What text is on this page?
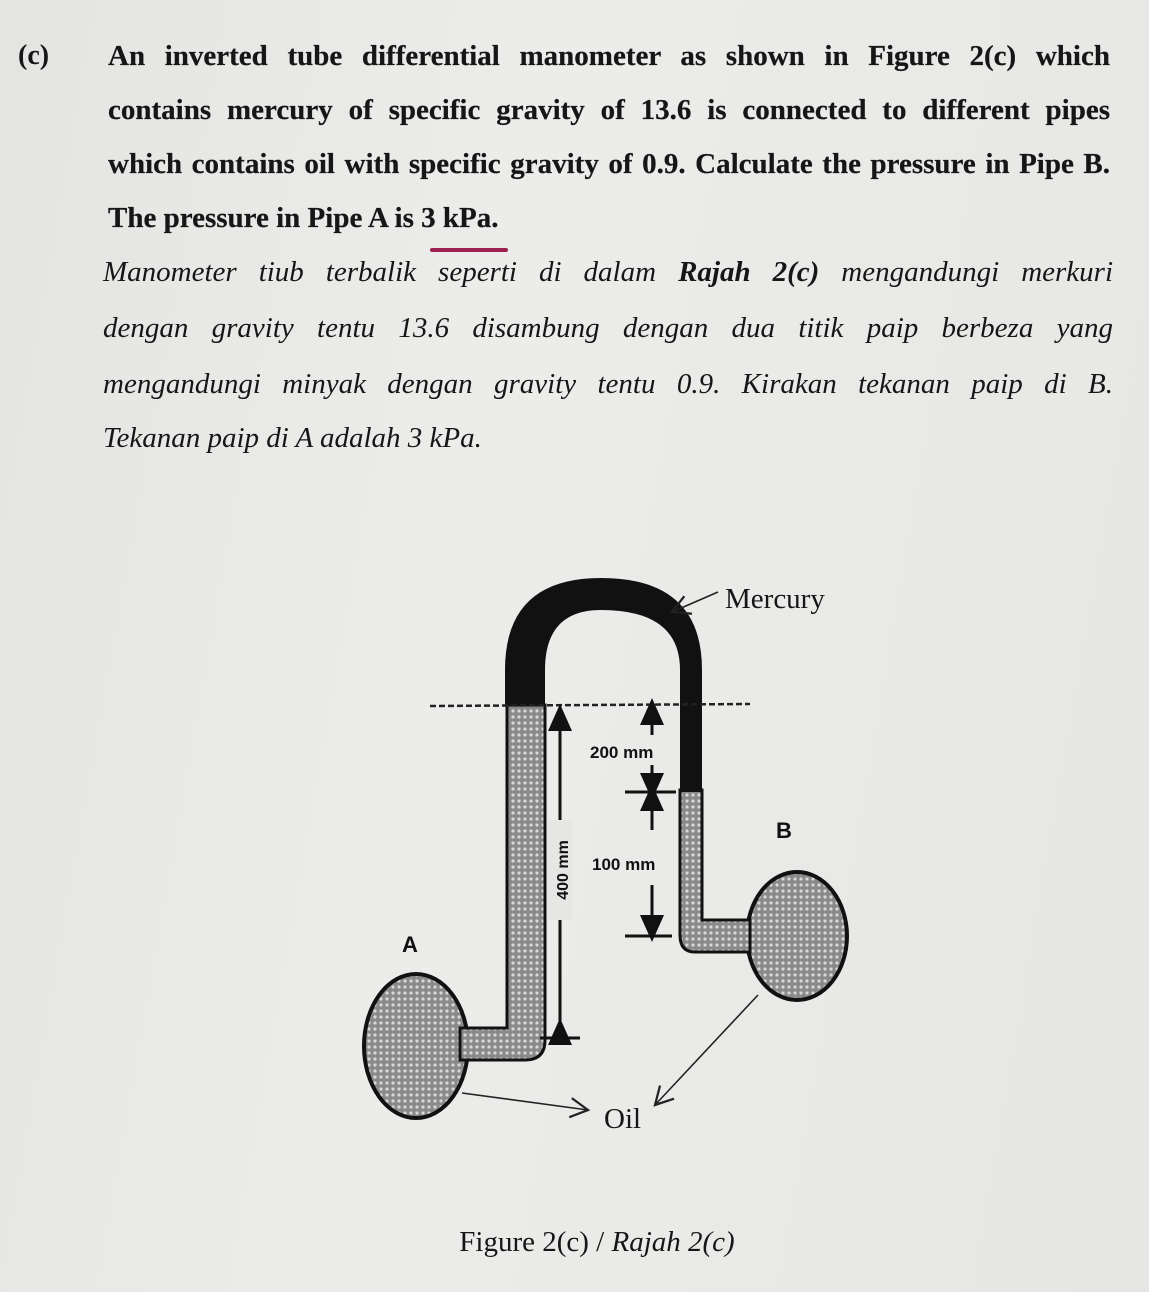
(c) An inverted tube differential manometer as shown in Figure 2(c) which
contains mercury of specific gravity of 13.6 is connected to different pipes
which contains oil with specific gravity of 0.9. Calculate the pressure in Pipe B.
The pressure in Pipe A is 3 kPa.
Manometer tiub terbalik seperti di dalam Rajah 2(c) mengandungi merkuri
dengan gravity tentu 13.6 disambung dengan dua titik paip berbeza yang
mengandungi minyak dengan gravity tentu 0.9. Kirakan tekanan paip di B.
Tekanan paip di A adalah 3 kPa.
400 mm
200 mm
100 mm
A
B
Mercury
Oil
Figure 2(c) / Rajah 2(c)
